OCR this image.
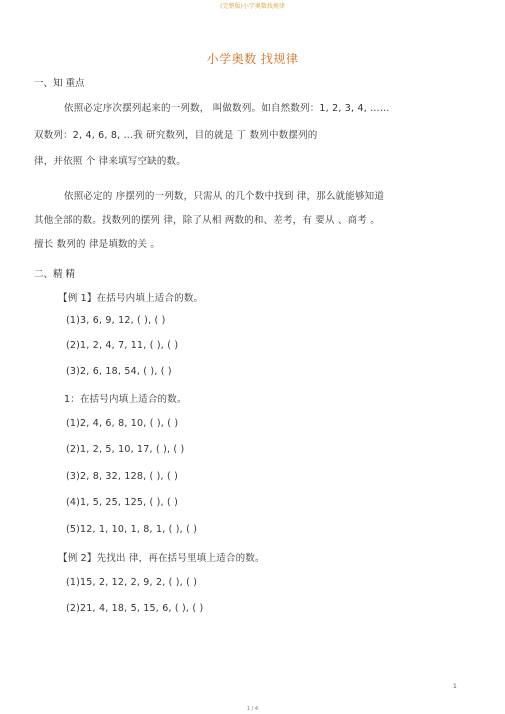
(完整版)小学奥数找规律
小学奥数 找规律
一、知 重点
依照必定序次摆列起来的一列数， 叫做数列。如自然数列：1, 2, 3, 4, ……
双数列：2, 4, 6, 8, …我 研究数列，目的就是 丁 数列中数摆列的
律，并依照 个 律来填写空缺的数。
依照必定的 序摆列的一列数，只需从 的几个数中找到 律，那么就能够知道
其他全部的数。找数列的摆列 律，除了从相 两数的和、差考，有 要从 、商考 。
擅长 数列的 律是填数的关 。
二、精 精
【例 1】在括号内填上适合的数。
(1)3, 6, 9, 12, ( ), ( )
(2)1, 2, 4, 7, 11, ( ), ( )
(3)2, 6, 18, 54, ( ), ( )
1：在括号内填上适合的数。
(1)2, 4, 6, 8, 10, ( ), ( )
(2)1, 2, 5, 10, 17, ( ), ( )
(3)2, 8, 32, 128, ( ), ( )
(4)1, 5, 25, 125, ( ), ( )
(5)12, 1, 10, 1, 8, 1, ( ), ( )
【例 2】先找出 律，再在括号里填上适合的数。
(1)15, 2, 12, 2, 9, 2, ( ), ( )
(2)21, 4, 18, 5, 15, 6, ( ), ( )
1
1 / 4
